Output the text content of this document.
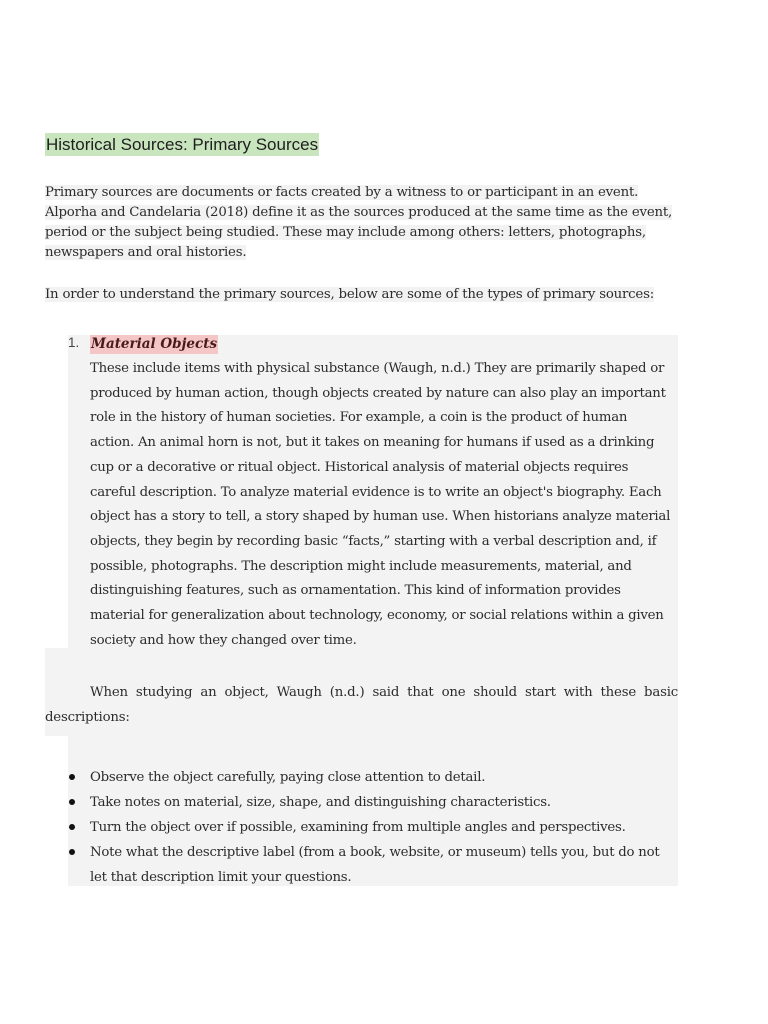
Historical Sources: Primary Sources
Primary sources are documents or facts created by a witness to or participant in an event.
Alporha and Candelaria (2018) define it as the sources produced at the same time as the event,
period or the subject being studied. These may include among others: letters, photographs,
newspapers and oral histories.
In order to understand the primary sources, below are some of the types of primary sources:
1. Material Objects
These include items with physical substance (Waugh, n.d.) They are primarily shaped or
produced by human action, though objects created by nature can also play an important
role in the history of human societies. For example, a coin is the product of human
action. An animal horn is not, but it takes on meaning for humans if used as a drinking
cup or a decorative or ritual object. Historical analysis of material objects requires
careful description. To analyze material evidence is to write an object's biography. Each
object has a story to tell, a story shaped by human use. When historians analyze material
objects, they begin by recording basic “facts,” starting with a verbal description and, if
possible, photographs. The description might include measurements, material, and
distinguishing features, such as ornamentation. This kind of information provides
material for generalization about technology, economy, or social relations within a given
society and how they changed over time.
When studying an object, Waugh (n.d.) said that one should start with these basic descriptions:
Observe the object carefully, paying close attention to detail.
Take notes on material, size, shape, and distinguishing characteristics.
Turn the object over if possible, examining from multiple angles and perspectives.
Note what the descriptive label (from a book, website, or museum) tells you, but do not let that description limit your questions.
